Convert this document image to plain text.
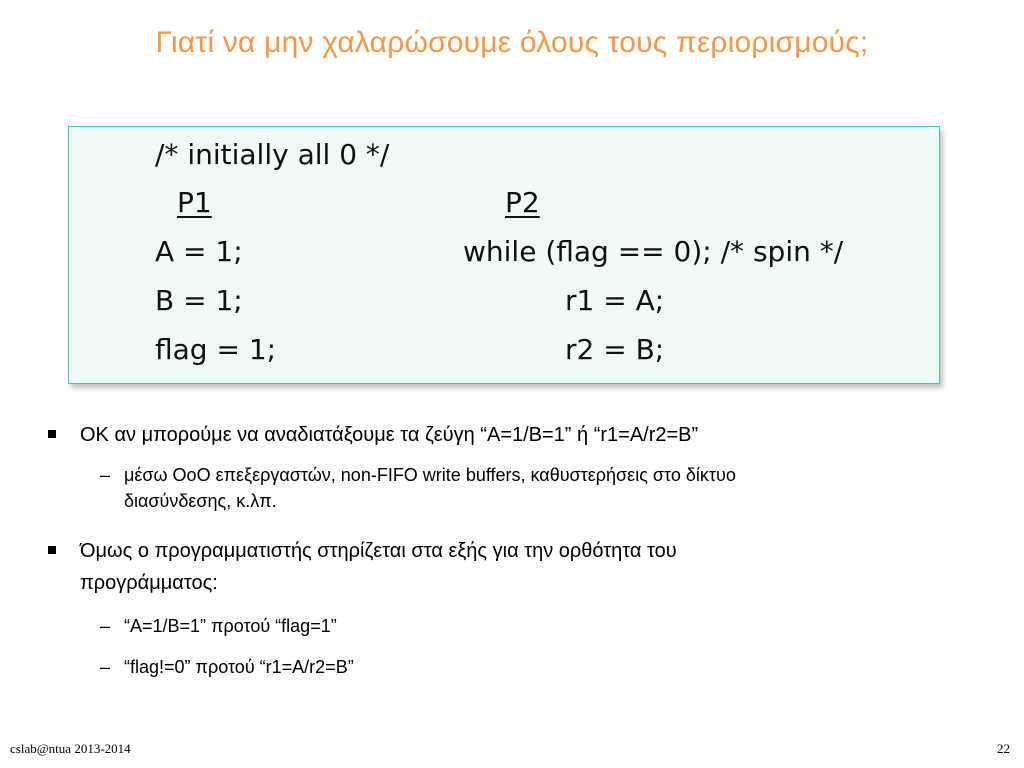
Γιατί να μην χαλαρώσουμε όλους τους περιορισμούς;
/* initially all 0 */
P1	P2
A = 1;
B = 1;
flag = 1;
while (flag == 0); /* spin */
r1 = A;
r2 = B;
OK αν μπορούμε να αναδιατάξουμε τα ζεύγη “A=1/B=1” ή “r1=A/r2=B”
– μέσω OoO επεξεργαστών, non-FIFO write buffers, καθυστερήσεις στο δίκτυο
διασύνδεσης, κ.λπ.
Όμως ο προγραμματιστής στηρίζεται στα εξής για την ορθότητα του
προγράμματος:
– “A=1/B=1” προτού “flag=1”
– “flag!=0” προτού “r1=A/r2=B”
cslab@ntua 2013-2014	22
